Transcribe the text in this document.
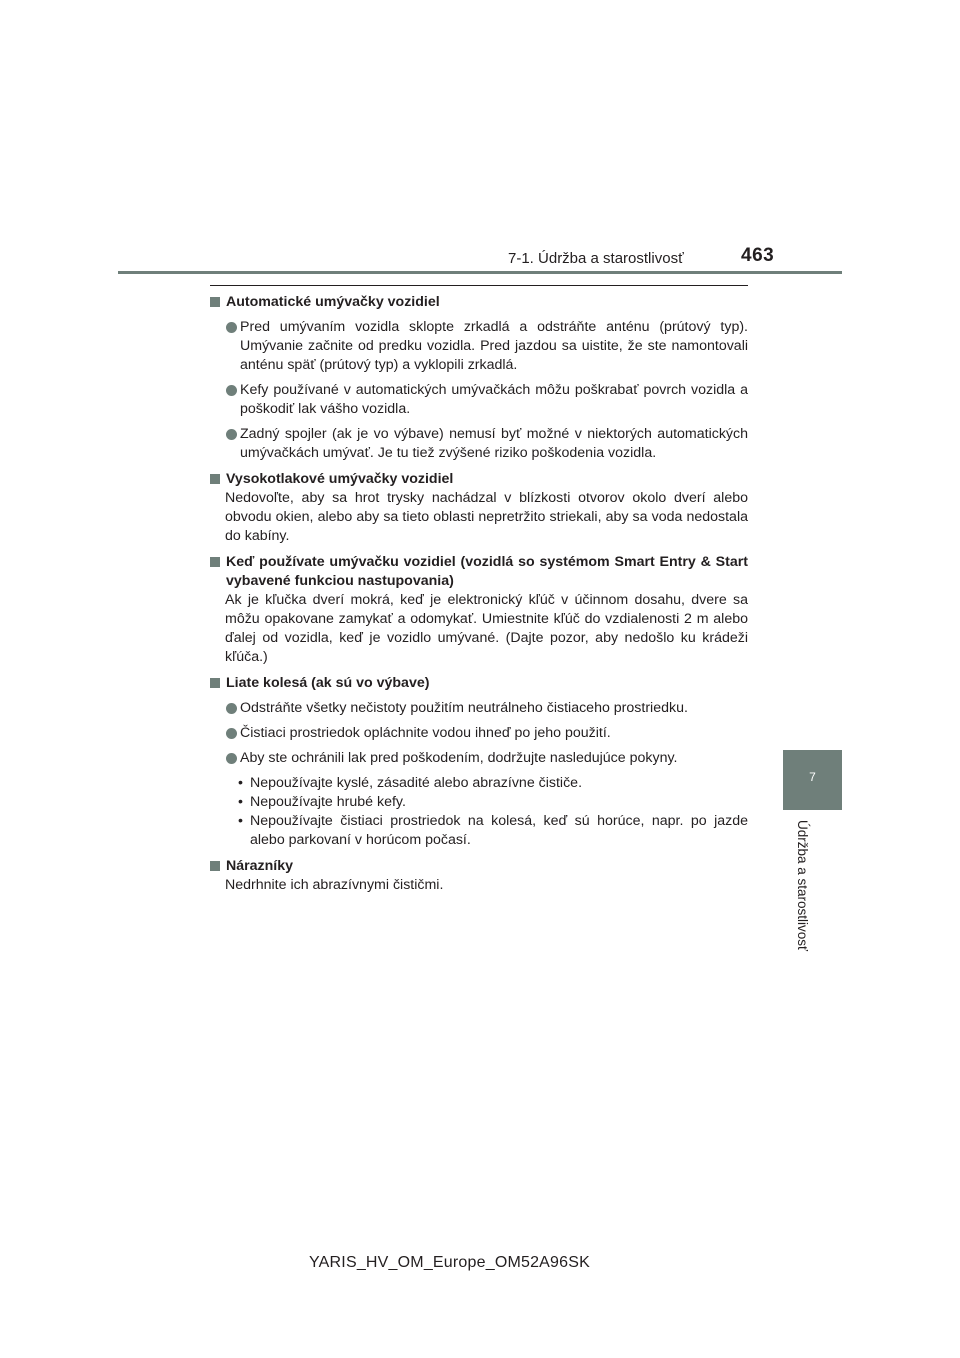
7-1. Údržba a starostlivosť	463
7
Údržba a starostlivosť
Automatické umývačky vozidiel
Pred umývaním vozidla sklopte zrkadlá a odstráňte anténu (prútový typ). Umývanie začnite od predku vozidla. Pred jazdou sa uistite, že ste namontovali anténu späť (prútový typ) a vyklopili zrkadlá.
Kefy používané v automatických umývačkách môžu poškrabať povrch vozidla a poškodiť lak vášho vozidla.
Zadný spojler (ak je vo výbave) nemusí byť možné v niektorých automatických umývačkách umývať. Je tu tiež zvýšené riziko poškodenia vozidla.
Vysokotlakové umývačky vozidiel
Nedovoľte, aby sa hrot trysky nachádzal v blízkosti otvorov okolo dverí alebo obvodu okien, alebo aby sa tieto oblasti nepretržito striekali, aby sa voda nedostala do kabíny.
Keď používate umývačku vozidiel (vozidlá so systémom Smart Entry & Start vybavené funkciou nastupovania)
Ak je kľučka dverí mokrá, keď je elektronický kľúč v účinnom dosahu, dvere sa môžu opakovane zamykať a odomykať. Umiestnite kľúč do vzdialenosti 2 m alebo ďalej od vozidla, keď je vozidlo umývané. (Dajte pozor, aby nedošlo ku krádeži kľúča.)
Liate kolesá (ak sú vo výbave)
Odstráňte všetky nečistoty použitím neutrálneho čistiaceho prostriedku.
Čistiaci prostriedok opláchnite vodou ihneď po jeho použití.
Aby ste ochránili lak pred poškodením, dodržujte nasledujúce pokyny.
• Nepoužívajte kyslé, zásadité alebo abrazívne čističe.
• Nepoužívajte hrubé kefy.
• Nepoužívajte čistiaci prostriedok na kolesá, keď sú horúce, napr. po jazde alebo parkovaní v horúcom počasí.
Nárazníky
Nedrhnite ich abrazívnymi čističmi.
YARIS_HV_OM_Europe_OM52A96SK
